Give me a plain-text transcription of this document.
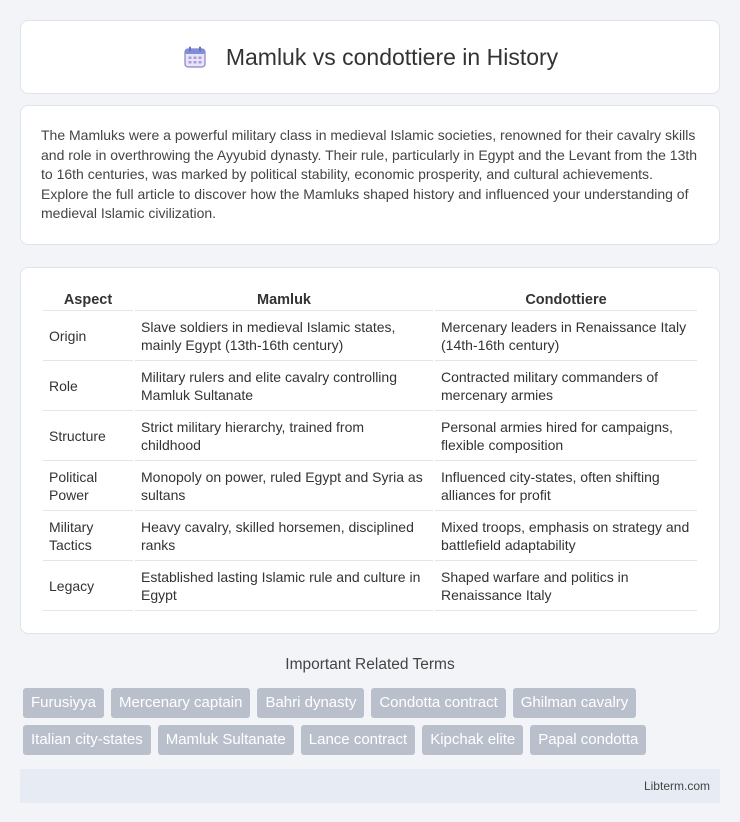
Mamluk vs condottiere in History

The Mamluks were a powerful military class in medieval Islamic societies, renowned for their cavalry skills and role in overthrowing the Ayyubid dynasty. Their rule, particularly in Egypt and the Levant from the 13th to 16th centuries, was marked by political stability, economic prosperity, and cultural achievements. Explore the full article to discover how the Mamluks shaped history and influenced your understanding of medieval Islamic civilization.

Aspect	Mamluk	Condottiere
Origin	Slave soldiers in medieval Islamic states, mainly Egypt (13th-16th century)	Mercenary leaders in Renaissance Italy (14th-16th century)
Role	Military rulers and elite cavalry controlling Mamluk Sultanate	Contracted military commanders of mercenary armies
Structure	Strict military hierarchy, trained from childhood	Personal armies hired for campaigns, flexible composition
Political Power	Monopoly on power, ruled Egypt and Syria as sultans	Influenced city-states, often shifting alliances for profit
Military Tactics	Heavy cavalry, skilled horsemen, disciplined ranks	Mixed troops, emphasis on strategy and battlefield adaptability
Legacy	Established lasting Islamic rule and culture in Egypt	Shaped warfare and politics in Renaissance Italy
Important Related Terms
Furusiyya	Mercenary captain	Bahri dynasty	Condotta contract	Ghilman cavalry
Italian city-states	Mamluk Sultanate	Lance contract	Kipchak elite	Papal condotta
Libterm.com
